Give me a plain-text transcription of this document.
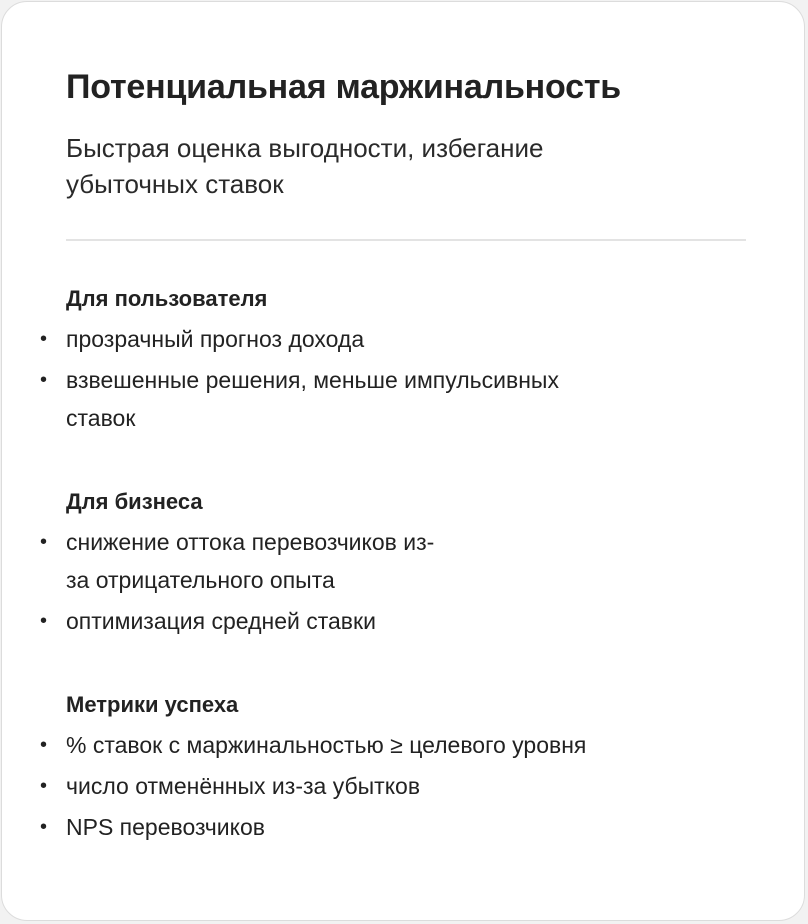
Потенциальная маржинальность
Быстрая оценка выгодности, избегание
убыточных ставок
Для пользователя
• прозрачный прогноз дохода
• взвешенные решения, меньше импульсивных
ставок
Для бизнеса
• снижение оттока перевозчиков из-
за отрицательного опыта
• оптимизация средней ставки
Метрики успеха
• % ставок с маржинальностью ≥ целевого уровня
• число отменённых из-за убытков
• NPS перевозчиков
